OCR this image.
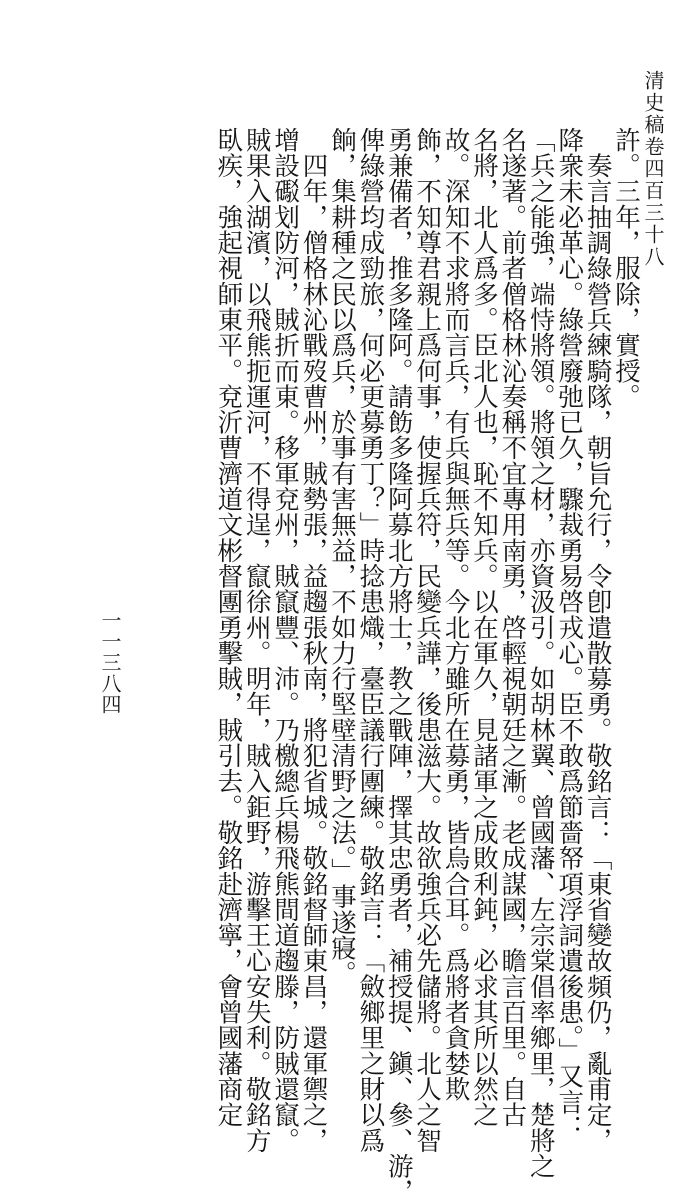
清史稿卷四百三十八
許。三年，服除，實授。
　奏言抽調綠營兵練騎隊，朝旨允行，令卽遣散募勇。敬銘言：「東省變故頻仍，亂甫定，
降衆未必革心。綠營廢弛已久，驟裁勇易啓戎心。臣不敢爲節嗇帑項浮詞遺後患。」又言：
「兵之能強，端恃將領。將領之材，亦資汲引。如胡林翼、曾國藩、左宗棠倡率鄉里，楚將之
名遂著。前者僧格林沁奏稱不宜專用南勇，啓輕視朝廷之漸。老成謀國，瞻言百里。自古
名將，北人爲多。臣北人也，恥不知兵。以在軍久，見諸軍之成敗利鈍，必求其所以然之
故。深知不求將而言兵，有兵與無兵等。今北方雖所在募勇，皆烏合耳。爲將者貪婪欺
飾，不知尊君親上爲何事，使握兵符，民變兵譁，後患滋大。故欲強兵必先儲將。北人之智
勇兼備者，推多隆阿。請飭多隆阿募北方將士，教之戰陣，擇其忠勇者，補授提、鎭、參、游，
俾綠營均成勁旅，何必更募勇丁？」時捻患熾，臺臣議行團練。敬銘言：「斂鄉里之財以爲
餉，集耕種之民以爲兵，於事有害無益，不如力行堅壁清野之法。」事遂寢。
　四年，僧格林沁戰歿曹州，賊勢張，益趨張秋南，將犯省城。敬銘督師東昌，還軍禦之，
增設礟划防河，賊折而東。移軍兗州，賊竄豐、沛。乃檄總兵楊飛熊間道趨滕，防賊還竄。
賊果入湖濱，以飛熊扼運河，不得逞，竄徐州。明年，賊入鉅野，游擊王心安失利。敬銘方
臥疾，強起視師東平。兗沂曹濟道文彬督團勇擊賊，賊引去。敬銘赴濟寧，會曾國藩商定
一一三八四
